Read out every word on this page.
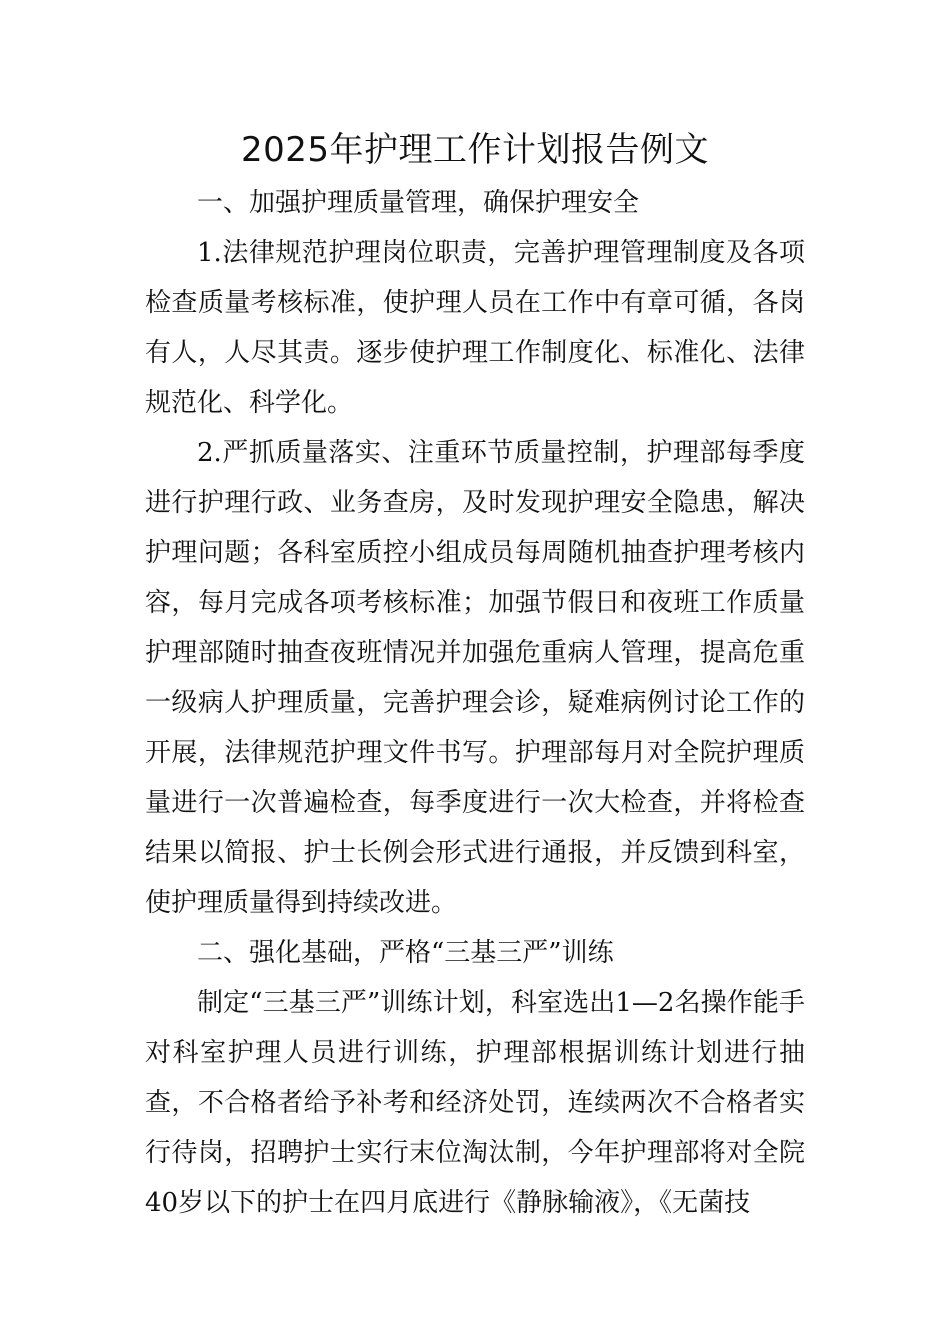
2025年护理工作计划报告例文

一、加强护理质量管理，确保护理安全

1.法律规范护理岗位职责，完善护理管理制度及各项检查质量考核标准，使护理人员在工作中有章可循，各岗有人，人尽其责。逐步使护理工作制度化、标准化、法律规范化、科学化。

2.严抓质量落实、注重环节质量控制，护理部每季度进行护理行政、业务查房，及时发现护理安全隐患，解决护理问题；各科室质控小组成员每周随机抽查护理考核内容，每月完成各项考核标准；加强节假日和夜班工作质量护理部随时抽查夜班情况并加强危重病人管理，提高危重一级病人护理质量，完善护理会诊，疑难病例讨论工作的开展，法律规范护理文件书写。护理部每月对全院护理质量进行一次普遍检查，每季度进行一次大检查，并将检查结果以简报、护士长例会形式进行通报，并反馈到科室，使护理质量得到持续改进。

二、强化基础，严格“三基三严”训练

制定“三基三严”训练计划，科室选出1—2名操作能手对科室护理人员进行训练，护理部根据训练计划进行抽查，不合格者给予补考和经济处罚，连续两次不合格者实行待岗，招聘护士实行末位淘汰制，今年护理部将对全院40岁以下的护士在四月底进行《静脉输液》，《无菌技
